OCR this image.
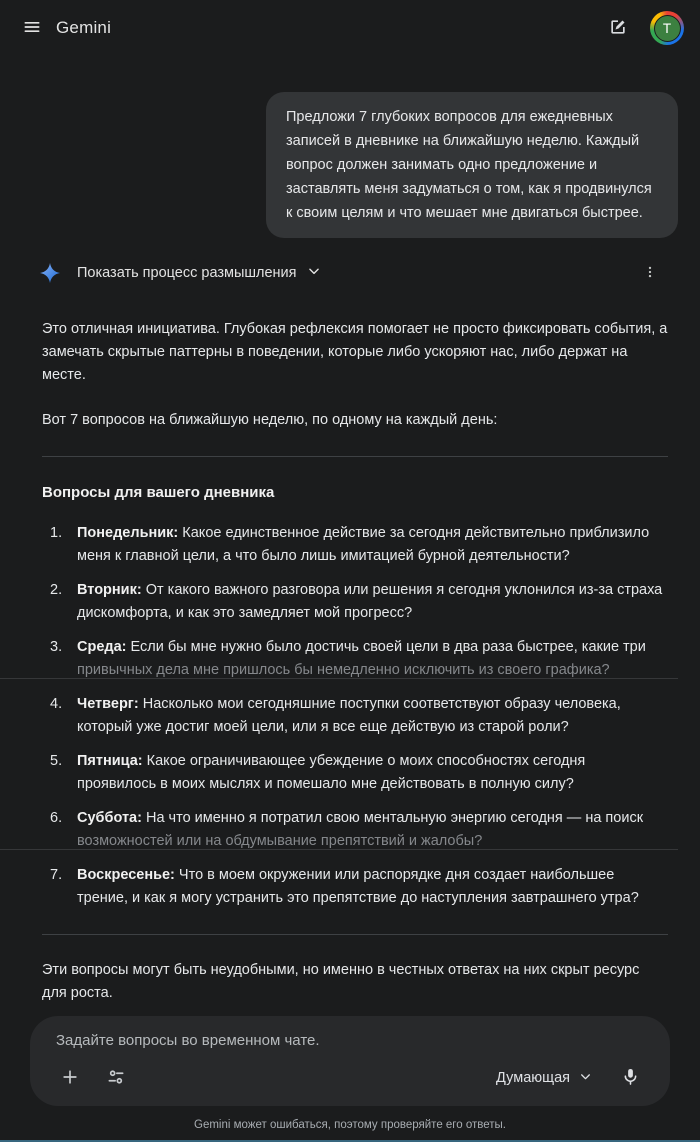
Gemini	T
Предложи 7 глубоких вопросов для ежедневных записей в дневнике на ближайшую неделю. Каждый вопрос должен занимать одно предложение и заставлять меня задуматься о том, как я продвинулся к своим целям и что мешает мне двигаться быстрее.
Показать процесс размышления

Это отличная инициатива. Глубокая рефлексия помогает не просто фиксировать события, а замечать скрытые паттерны в поведении, которые либо ускоряют нас, либо держат на месте.

Вот 7 вопросов на ближайшую неделю, по одному на каждый день:

Вопросы для вашего дневника
1.	Понедельник: Какое единственное действие за сегодня действительно приблизило меня к главной цели, а что было лишь имитацией бурной деятельности?
2.	Вторник: От какого важного разговора или решения я сегодня уклонился из-за страха дискомфорта, и как это замедляет мой прогресс?
3.	Среда: Если бы мне нужно было достичь своей цели в два раза быстрее, какие три
привычных дела мне пришлось бы немедленно исключить из своего графика?
4.	Четверг: Насколько мои сегодняшние поступки соответствуют образу человека, который уже достиг моей цели, или я все еще действую из старой роли?
5.	Пятница: Какое ограничивающее убеждение о моих способностях сегодня проявилось в моих мыслях и помешало мне действовать в полную силу?
6.	Суббота: На что именно я потратил свою ментальную энергию сегодня — на поиск
возможностей или на обдумывание препятствий и жалобы?
7.	Воскресенье: Что в моем окружении или распорядке дня создает наибольшее трение, и как я могу устранить это препятствие до наступления завтрашнего утра?

Эти вопросы могут быть неудобными, но именно в честных ответах на них скрыт ресурс для роста.

Задайте вопросы во временном чате.
Думающая
Gemini может ошибаться, поэтому проверяйте его ответы.
